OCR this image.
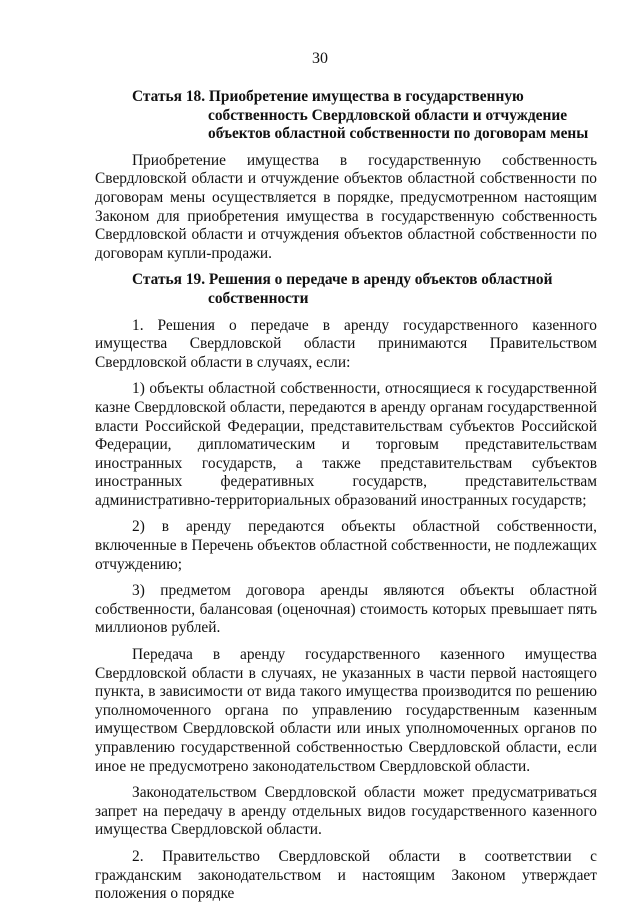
30
Статья 18. Приобретение имущества в государственную
собственность Свердловской области и отчуждение
объектов областной собственности по договорам мены

Приобретение имущества в государственную собственность Свердловской области и отчуждение объектов областной собственности по договорам мены осуществляется в порядке, предусмотренном настоящим Законом для приобретения имущества в государственную собственность Свердловской области и отчуждения объектов областной собственности по договорам купли-продажи.

Статья 19. Решения о передаче в аренду объектов областной
собственности

1. Решения о передаче в аренду государственного казенного имущества Свердловской области принимаются Правительством Свердловской области в случаях, если:

1) объекты областной собственности, относящиеся к государственной казне Свердловской области, передаются в аренду органам государственной власти Российской Федерации, представительствам субъектов Российской Федерации, дипломатическим и торговым представительствам иностранных государств, а также представительствам субъектов иностранных федеративных государств, представительствам административно-территориальных образований иностранных государств;

2) в аренду передаются объекты областной собственности, включенные в Перечень объектов областной собственности, не подлежащих отчуждению;

3) предметом договора аренды являются объекты областной собственности, балансовая (оценочная) стоимость которых превышает пять миллионов рублей.

Передача в аренду государственного казенного имущества Свердловской области в случаях, не указанных в части первой настоящего пункта, в зависимости от вида такого имущества производится по решению уполномоченного органа по управлению государственным казенным имуществом Свердловской области или иных уполномоченных органов по управлению государственной собственностью Свердловской области, если иное не предусмотрено законодательством Свердловской области.

Законодательством Свердловской области может предусматриваться запрет на передачу в аренду отдельных видов государственного казенного имущества Свердловской области.

2. Правительство Свердловской области в соответствии с гражданским законодательством и настоящим Законом утверждает положения о порядке
